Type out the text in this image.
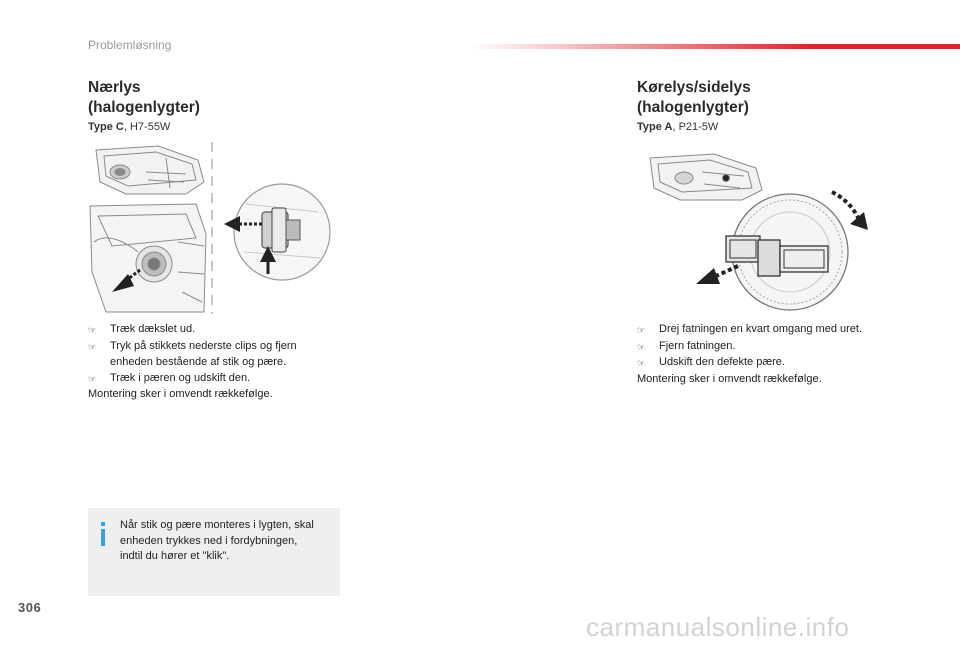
Problemløsning
Nærlys
(halogenlygter)
Type C, H7-55W
☞	Træk dækslet ud.
☞	Tryk på stikkets nederste clips og fjern
enheden bestående af stik og pære.
☞	Træk i pæren og udskift den.
Montering sker i omvendt rækkefølge.
Når stik og pære monteres i lygten, skal
enheden trykkes ned i fordybningen,
indtil du hører et "klik".
Kørelys/sidelys
(halogenlygter)
Type A, P21-5W
☞	Drej fatningen en kvart omgang med uret.
☞	Fjern fatningen.
☞	Udskift den defekte pære.
Montering sker i omvendt rækkefølge.
306
carmanualsonline.info
